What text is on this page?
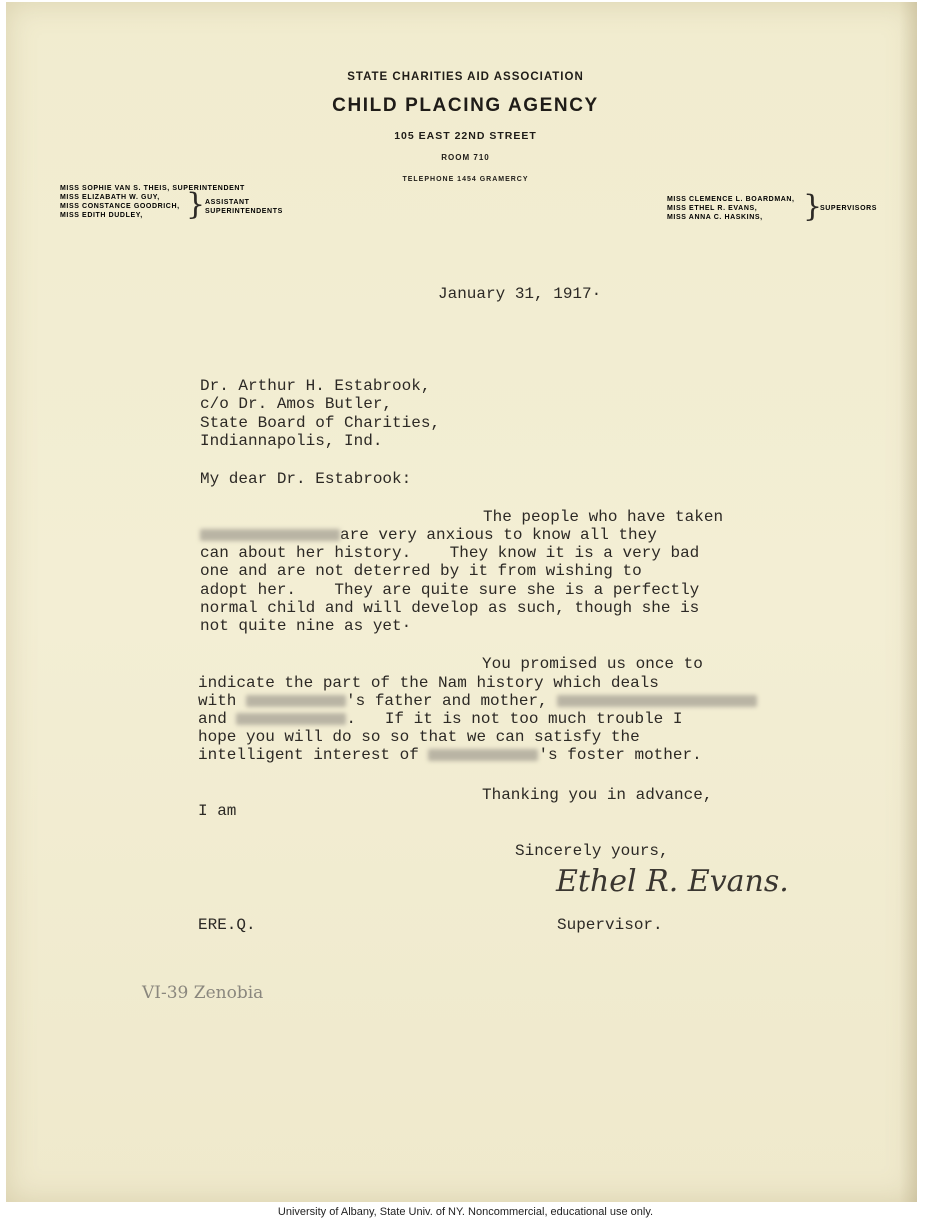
STATE CHARITIES AID ASSOCIATION
CHILD PLACING AGENCY
105 EAST 22ND STREET
ROOM 710
TELEPHONE 1454 GRAMERCY
MISS SOPHIE VAN S. THEIS, SUPERINTENDENT
MISS ELIZABATH W. GUY,
MISS CONSTANCE GOODRICH,
MISS EDITH DUDLEY,	} ASSISTANT
SUPERINTENDENTS
MISS CLEMENCE L. BOARDMAN,
MISS ETHEL R. EVANS,
MISS ANNA C. HASKINS,	}
SUPERVISORS
January 31, 1917·
Dr. Arthur H. Estabrook,
c/o Dr. Amos Butler,
State Board of Charities,
Indiannapolis, Ind.
My dear Dr. Estabrook:
The people who have taken
are very anxious to know all they
can about her history.    They know it is a very bad
one and are not deterred by it from wishing to
adopt her.    They are quite sure she is a perfectly
normal child and will develop as such, though she is
not quite nine as yet·
You promised us once to
indicate the part of the Nam history which deals
with	's father and mother,
and	.   If it is not too much trouble I
hope you will do so so that we can satisfy the
intelligent interest of	's foster mother.
Thanking you in advance,
I am
Sincerely yours,
Ethel R. Evans.
ERE.Q.	Supervisor.
VI-39 Zenobia
University of Albany, State Univ. of NY. Noncommercial, educational use only.
